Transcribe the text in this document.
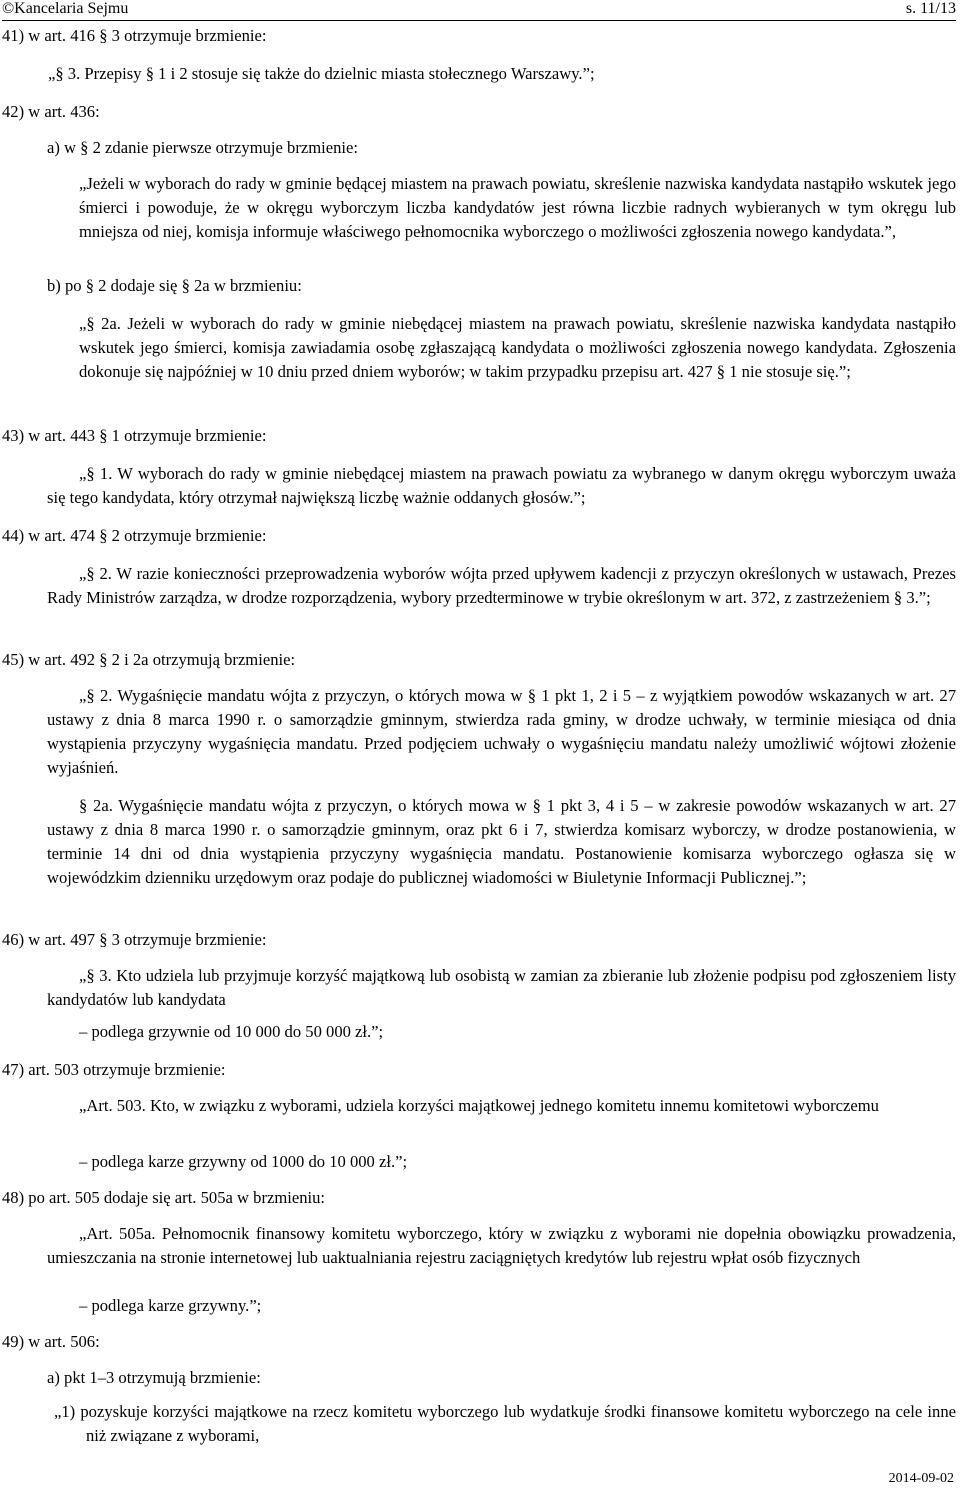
©Kancelaria Sejmu	s. 11/13
41) w art. 416 § 3 otrzymuje brzmienie:
„§ 3. Przepisy § 1 i 2 stosuje się także do dzielnic miasta stołecznego Warszawy.”;
42) w art. 436:
a) w § 2 zdanie pierwsze otrzymuje brzmienie:
„Jeżeli w wyborach do rady w gminie będącej miastem na prawach powiatu, skreślenie nazwiska kandydata nastąpiło wskutek jego śmierci i powoduje, że w okręgu wyborczym liczba kandydatów jest równa liczbie radnych wybieranych w tym okręgu lub mniejsza od niej, komisja informuje właściwego pełnomocnika wyborczego o możliwości zgłoszenia nowego kandydata.”,
b) po § 2 dodaje się § 2a w brzmieniu:
„§ 2a. Jeżeli w wyborach do rady w gminie niebędącej miastem na prawach powiatu, skreślenie nazwiska kandydata nastąpiło wskutek jego śmierci, komisja zawiadamia osobę zgłaszającą kandydata o możliwości zgłoszenia nowego kandydata. Zgłoszenia dokonuje się najpóźniej w 10 dniu przed dniem wyborów; w takim przypadku przepisu art. 427 § 1 nie stosuje się.”;
43) w art. 443 § 1 otrzymuje brzmienie:
„§ 1. W wyborach do rady w gminie niebędącej miastem na prawach powiatu za wybranego w danym okręgu wyborczym uważa się tego kandydata, który otrzymał największą liczbę ważnie oddanych głosów.”;
44) w art. 474 § 2 otrzymuje brzmienie:
„§ 2. W razie konieczności przeprowadzenia wyborów wójta przed upływem kadencji z przyczyn określonych w ustawach, Prezes Rady Ministrów zarządza, w drodze rozporządzenia, wybory przedterminowe w trybie określonym w art. 372, z zastrzeżeniem § 3.”;
45) w art. 492 § 2 i 2a otrzymują brzmienie:
„§ 2. Wygaśnięcie mandatu wójta z przyczyn, o których mowa w § 1 pkt 1, 2 i 5 – z wyjątkiem powodów wskazanych w art. 27 ustawy z dnia 8 marca 1990 r. o samorządzie gminnym, stwierdza rada gminy, w drodze uchwały, w terminie miesiąca od dnia wystąpienia przyczyny wygaśnięcia mandatu. Przed podjęciem uchwały o wygaśnięciu mandatu należy umożliwić wójtowi złożenie wyjaśnień.
§ 2a. Wygaśnięcie mandatu wójta z przyczyn, o których mowa w § 1 pkt 3, 4 i 5 – w zakresie powodów wskazanych w art. 27 ustawy z dnia 8 marca 1990 r. o samorządzie gminnym, oraz pkt 6 i 7, stwierdza komisarz wyborczy, w drodze postanowienia, w terminie 14 dni od dnia wystąpienia przyczyny wygaśnięcia mandatu. Postanowienie komisarza wyborczego ogłasza się w wojewódzkim dzienniku urzędowym oraz podaje do publicznej wiadomości w Biuletynie Informacji Publicznej.”;
46) w art. 497 § 3 otrzymuje brzmienie:
„§ 3. Kto udziela lub przyjmuje korzyść majątkową lub osobistą w zamian za zbieranie lub złożenie podpisu pod zgłoszeniem listy kandydatów lub kandydata
– podlega grzywnie od 10 000 do 50 000 zł.”;
47) art. 503 otrzymuje brzmienie:
„Art. 503. Kto, w związku z wyborami, udziela korzyści majątkowej jednego komitetu innemu komitetowi wyborczemu
– podlega karze grzywny od 1000 do 10 000 zł.”;
48) po art. 505 dodaje się art. 505a w brzmieniu:
„Art. 505a. Pełnomocnik finansowy komitetu wyborczego, który w związku z wyborami nie dopełnia obowiązku prowadzenia, umieszczania na stronie internetowej lub uaktualniania rejestru zaciągniętych kredytów lub rejestru wpłat osób fizycznych
– podlega karze grzywny.”;
49) w art. 506:
a) pkt 1–3 otrzymują brzmienie:
„1) pozyskuje korzyści majątkowe na rzecz komitetu wyborczego lub wydatkuje środki finansowe komitetu wyborczego na cele inne niż związane z wyborami,
2014-09-02
